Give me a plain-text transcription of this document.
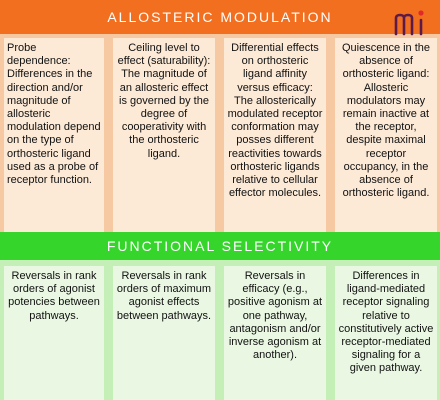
ALLOSTERIC MODULATION
Probe dependence: Differences in the direction and/or magnitude of allosteric modulation depend on the type of orthosteric ligand used as a probe of receptor function.
Ceiling level to effect (saturability): The magnitude of an allosteric effect is governed by the degree of cooperativity with the orthosteric ligand.
Differential effects on orthosteric ligand affinity versus efficacy: The allosterically modulated receptor conformation may posses different reactivities towards orthosteric ligands relative to cellular effector molecules.
Quiescence in the absence of orthosteric ligand: Allosteric modulators may remain inactive at the receptor, despite maximal receptor occupancy, in the absence of orthosteric ligand.
FUNCTIONAL SELECTIVITY
Reversals in rank orders of agonist potencies between pathways.
Reversals in rank orders of maximum agonist effects between pathways.
Reversals in efficacy (e.g., positive agonism at one pathway, antagonism and/or inverse agonism at another).
Differences in ligand-mediated receptor signaling relative to constitutively active receptor-mediated signaling for a given pathway.
